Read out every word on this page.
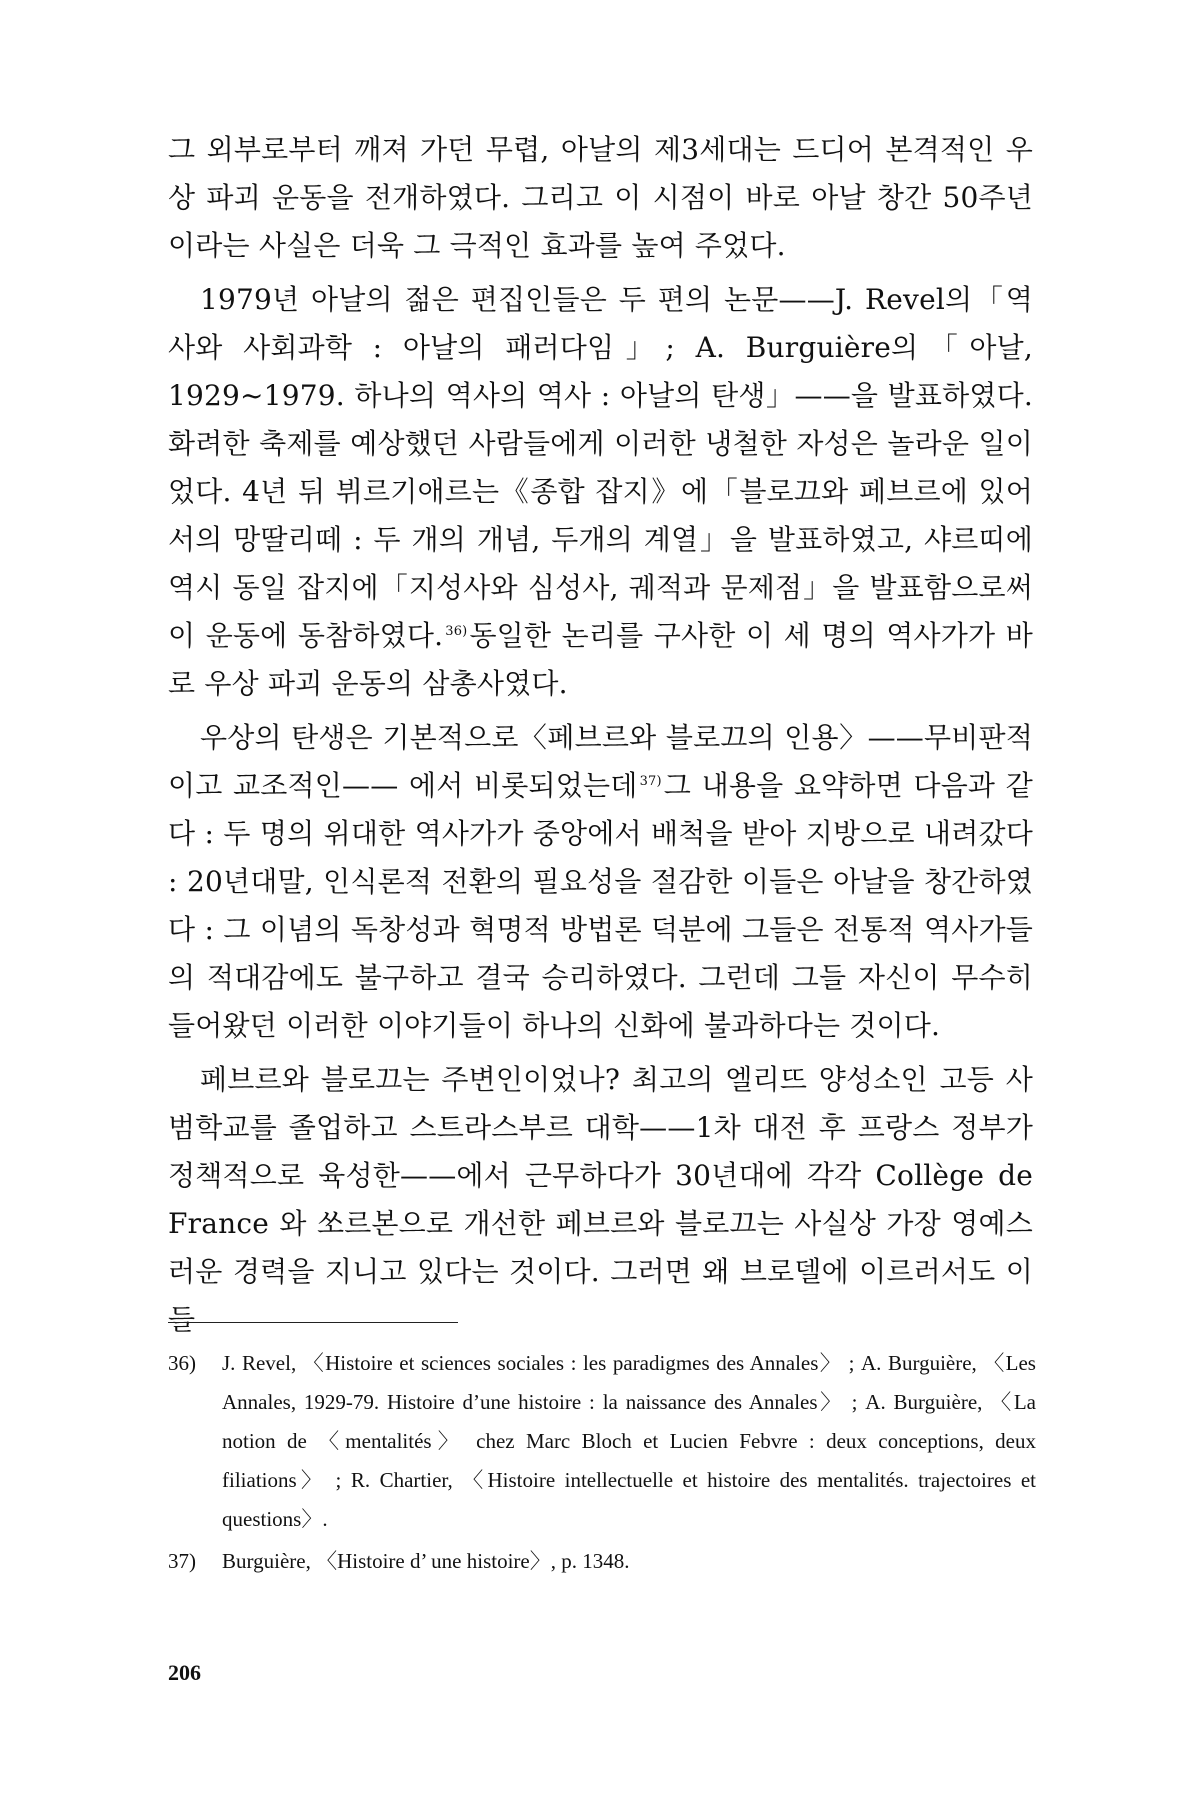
그 외부로부터 깨져 가던 무렵, 아날의 제3세대는 드디어 본격적인 우상 파괴 운동을 전개하였다. 그리고 이 시점이 바로 아날 창간 50주년이라는 사실은 더욱 그 극적인 효과를 높여 주었다.

1979년 아날의 젊은 편집인들은 두 편의 논문——J. Revel의「역사와 사회과학 : 아날의 패러다임」; A. Burguière의「아날, 1929~1979. 하나의 역사의 역사 : 아날의 탄생」——을 발표하였다. 화려한 축제를 예상했던 사람들에게 이러한 냉철한 자성은 놀라운 일이었다. 4년 뒤 뷔르기애르는《종합 잡지》에「블로끄와 페브르에 있어서의 망딸리떼 : 두 개의 개념, 두개의 계열」을 발표하였고, 샤르띠에 역시 동일 잡지에「지성사와 심성사, 궤적과 문제점」을 발표함으로써 이 운동에 동참하였다. $^{36)}$동일한 논리를 구사한 이 세 명의 역사가가 바로 우상 파괴 운동의 삼총사였다.

우상의 탄생은 기본적으로〈페브르와 블로끄의 인용〉——무비판적이고 교조적인—— 에서 비롯되었는데 $^{37)}$그 내용을 요약하면 다음과 같다 : 두 명의 위대한 역사가가 중앙에서 배척을 받아 지방으로 내려갔다 : 20년대말, 인식론적 전환의 필요성을 절감한 이들은 아날을 창간하였다 : 그 이념의 독창성과 혁명적 방법론 덕분에 그들은 전통적 역사가들의 적대감에도 불구하고 결국 승리하였다. 그런데 그들 자신이 무수히 들어왔던 이러한 이야기들이 하나의 신화에 불과하다는 것이다.

페브르와 블로끄는 주변인이었나? 최고의 엘리뜨 양성소인 고등 사범학교를 졸업하고 스트라스부르 대학——1차 대전 후 프랑스 정부가 정책적으로 육성한——에서 근무하다가 30년대에 각각 Collège de France 와 쏘르본으로 개선한 페브르와 블로끄는 사실상 가장 영예스러운 경력을 지니고 있다는 것이다. 그러면 왜 브로델에 이르러서도 이들

36)	J. Revel, 〈Histoire et sciences sociales : les paradigmes des Annales〉 ; A. Burguière, 〈Les Annales, 1929-79. Histoire d’une histoire : la naissance des Annales〉 ; A. Burguière, 〈La notion de 〈mentalités〉 chez Marc Bloch et Lucien Febvre : deux conceptions, deux filiations〉 ; R. Chartier, 〈Histoire intellectuelle et histoire des mentalités. trajectoires et questions〉.
37)	Burguière, 〈Histoire d’ une histoire〉, p. 1348.
206
